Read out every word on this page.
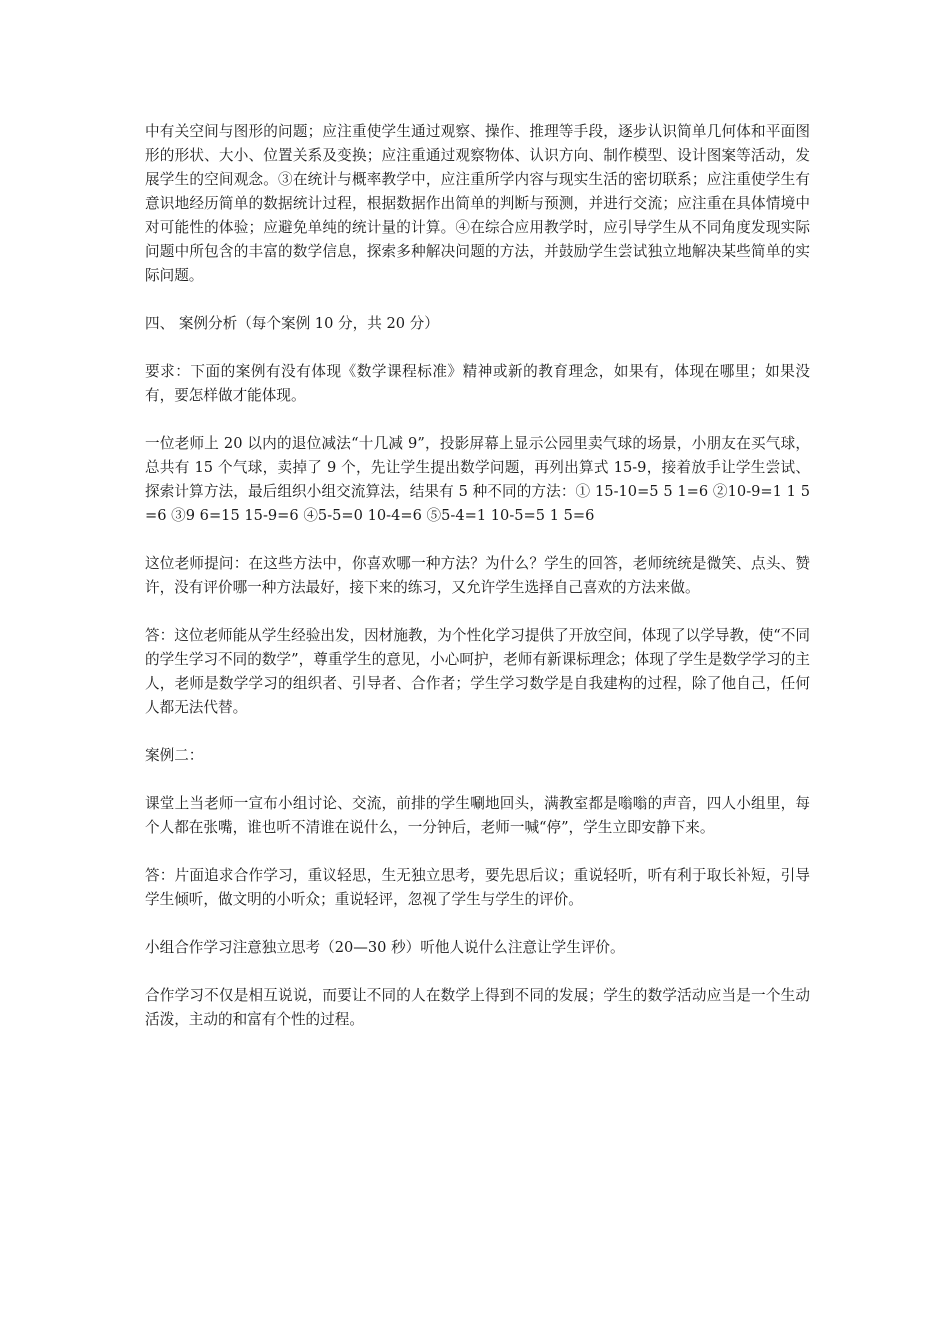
中有关空间与图形的问题；应注重使学生通过观察、操作、推理等手段，逐步认识简单几何体和平面图形的形状、大小、位置关系及变换；应注重通过观察物体、认识方向、制作模型、设计图案等活动，发展学生的空间观念。③在统计与概率教学中，应注重所学内容与现实生活的密切联系；应注重使学生有意识地经历简单的数据统计过程，根据数据作出简单的判断与预测，并进行交流；应注重在具体情境中对可能性的体验；应避免单纯的统计量的计算。④在综合应用教学时，应引导学生从不同角度发现实际问题中所包含的丰富的数学信息，探索多种解决问题的方法，并鼓励学生尝试独立地解决某些简单的实际问题。

四、 案例分析（每个案例 10 分，共 20 分）

要求：下面的案例有没有体现《数学课程标准》精神或新的教育理念，如果有，体现在哪里；如果没有，要怎样做才能体现。

一位老师上 20 以内的退位减法“十几减 9”，投影屏幕上显示公园里卖气球的场景，小朋友在买气球，总共有 15 个气球，卖掉了 9 个，先让学生提出数学问题，再列出算式 15-9，接着放手让学生尝试、探索计算方法，最后组织小组交流算法，结果有 5 种不同的方法：① 15-10=5 5 1=6 ②10-9=1 1 5=6 ③9 6=15 15-9=6 ④5-5=0 10-4=6 ⑤5-4=1 10-5=5 1 5=6

这位老师提问：在这些方法中，你喜欢哪一种方法？为什么？学生的回答，老师统统是微笑、点头、赞许，没有评价哪一种方法最好，接下来的练习，又允许学生选择自己喜欢的方法来做。

答：这位老师能从学生经验出发，因材施教，为个性化学习提供了开放空间，体现了以学导教，使“不同的学生学习不同的数学”，尊重学生的意见，小心呵护，老师有新课标理念；体现了学生是数学学习的主人，老师是数学学习的组织者、引导者、合作者；学生学习数学是自我建构的过程，除了他自己，任何人都无法代替。

案例二：

课堂上当老师一宣布小组讨论、交流，前排的学生唰地回头，满教室都是嗡嗡的声音，四人小组里，每个人都在张嘴，谁也听不清谁在说什么，一分钟后，老师一喊“停”，学生立即安静下来。

答：片面追求合作学习，重议轻思，生无独立思考，要先思后议；重说轻听，听有利于取长补短，引导学生倾听，做文明的小听众；重说轻评，忽视了学生与学生的评价。

小组合作学习注意独立思考（20—30 秒）听他人说什么注意让学生评价。

合作学习不仅是相互说说，而要让不同的人在数学上得到不同的发展；学生的数学活动应当是一个生动活泼，主动的和富有个性的过程。
